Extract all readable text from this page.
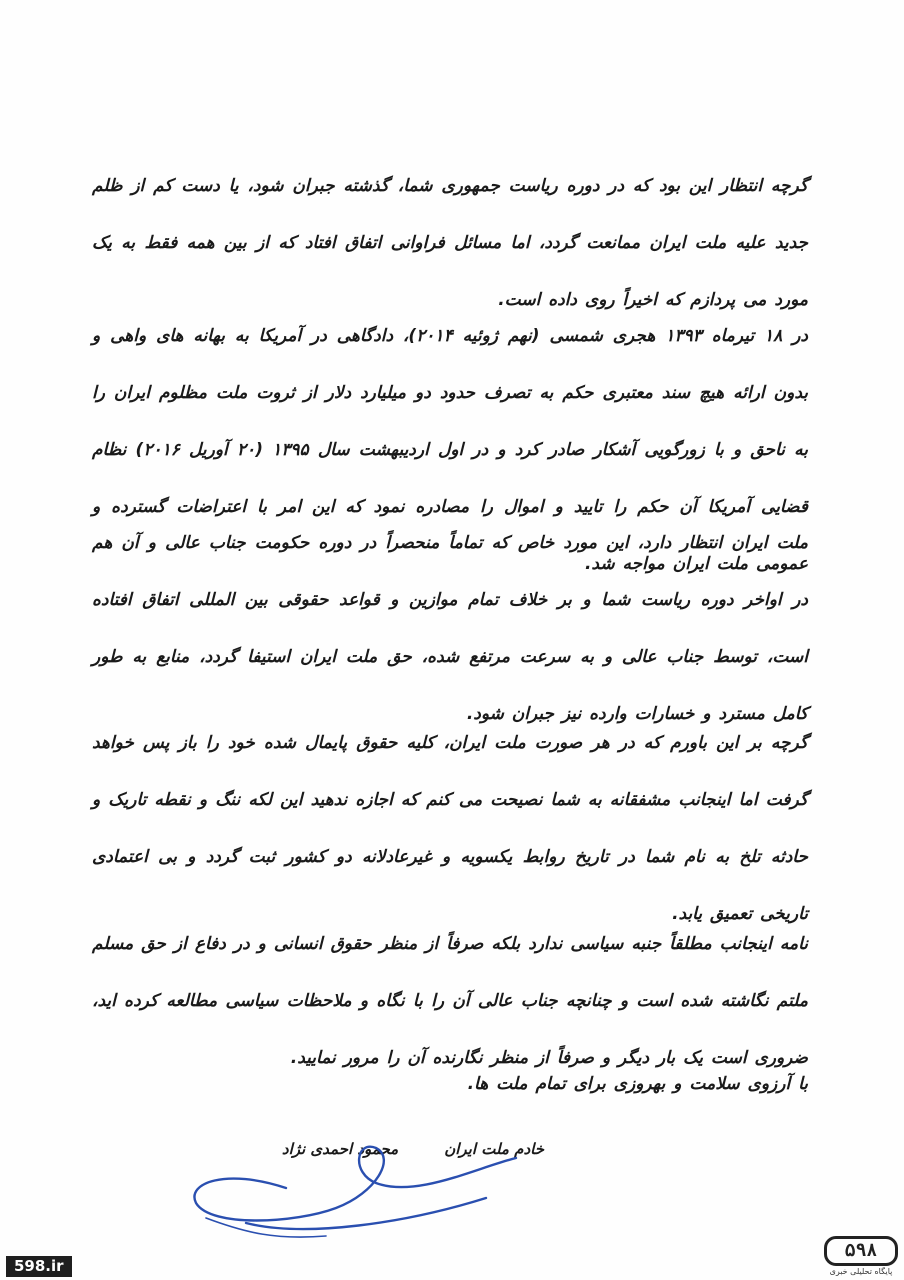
گرچه انتظار این بود که در دوره ریاست جمهوری شما، گذشته جبران شود، یا دست کم از ظلم جدید علیه ملت ایران ممانعت گردد، اما مسائل فراوانی اتفاق افتاد که از بین همه فقط به یک مورد می پردازم که اخیراً روی داده است.

در ۱۸ تیرماه ۱۳۹۳ هجری شمسی (نهم ژوئیه ۲۰۱۴)، دادگاهی در آمریکا به بهانه های واهی و بدون ارائه هیچ سند معتبری حکم به تصرف حدود دو میلیارد دلار از ثروت ملت مظلوم ایران را به ناحق و با زورگویی آشکار صادر کرد و در اول اردیبهشت سال ۱۳۹۵ (۲۰ آوریل ۲۰۱۶) نظام قضایی آمریکا آن حکم را تایید و اموال را مصادره نمود که این امر با اعتراضات گسترده و عمومی ملت ایران مواجه شد.

ملت ایران انتظار دارد، این مورد خاص که تماماً منحصراً در دوره حکومت جناب عالی و آن هم در اواخر دوره ریاست شما و بر خلاف تمام موازین و قواعد حقوقی بین المللی اتفاق افتاده است، توسط جناب عالی و به سرعت مرتفع شده، حق ملت ایران استیفا گردد، منابع به طور کامل مسترد و خسارات وارده نیز جبران شود.

گرچه بر این باورم که در هر صورت ملت ایران، کلیه حقوق پایمال شده خود را باز پس خواهد گرفت اما اینجانب مشفقانه به شما نصیحت می کنم که اجازه ندهید این لکه ننگ و نقطه تاریک و حادثه تلخ به نام شما در تاریخ روابط یکسویه و غیرعادلانه دو کشور ثبت گردد و بی اعتمادی تاریخی تعمیق یابد.

نامه اینجانب مطلقاً جنبه سیاسی ندارد بلکه صرفاً از منظر حقوق انسانی و در دفاع از حق مسلم ملتم نگاشته شده است و چنانچه جناب عالی آن را با نگاه و ملاحظات سیاسی مطالعه کرده اید، ضروری است یک بار دیگر و صرفاً از منظر نگارنده آن را مرور نمایید.

با آرزوی سلامت و بهروزی برای تمام ملت ها.

خادم ملت ایران
محمود احمدی نژاد
598.ir
۵۹۸
پایگاه تحلیلی خبری
